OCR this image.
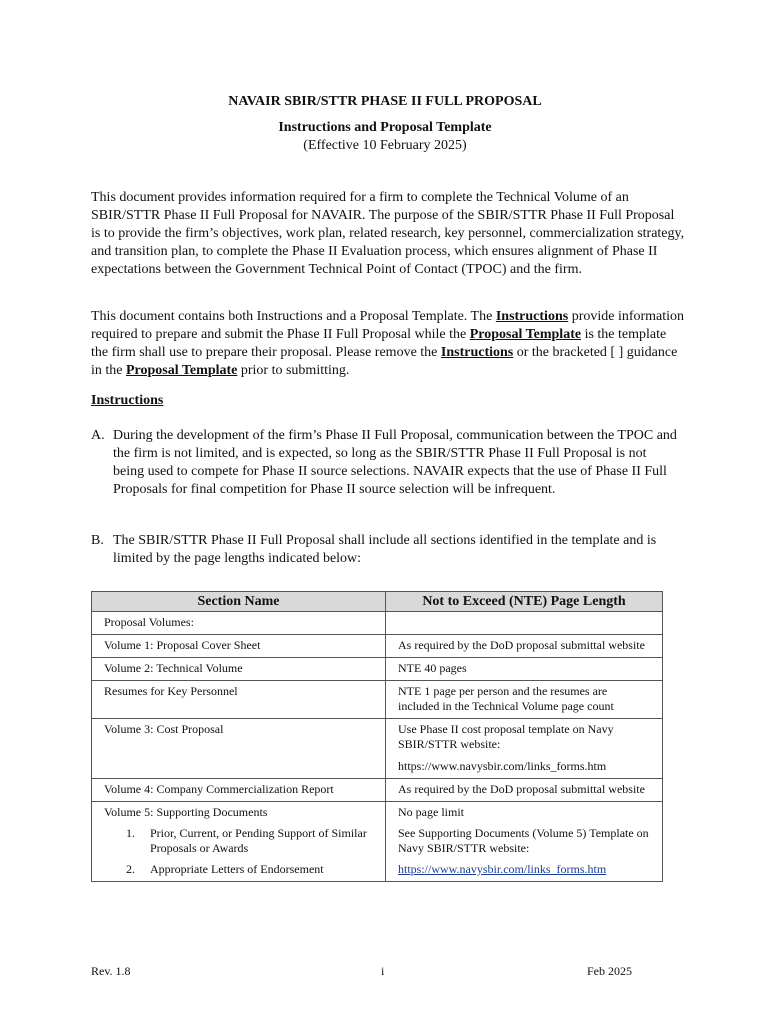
NAVAIR SBIR/STTR PHASE II FULL PROPOSAL
Instructions and Proposal Template
(Effective 10 February 2025)

This document provides information required for a firm to complete the Technical Volume of an SBIR/STTR Phase II Full Proposal for NAVAIR. The purpose of the SBIR/STTR Phase II Full Proposal is to provide the firm’s objectives, work plan, related research, key personnel, commercialization strategy, and transition plan, to complete the Phase II Evaluation process, which ensures alignment of Phase II expectations between the Government Technical Point of Contact (TPOC) and the firm.

This document contains both Instructions and a Proposal Template. The Instructions provide information required to prepare and submit the Phase II Full Proposal while the Proposal Template is the template the firm shall use to prepare their proposal. Please remove the Instructions or the bracketed [ ] guidance in the Proposal Template prior to submitting.

Instructions
A. During the development of the firm’s Phase II Full Proposal, communication between the TPOC and the firm is not limited, and is expected, so long as the SBIR/STTR Phase II Full Proposal is not being used to compete for Phase II source selections. NAVAIR expects that the use of Phase II Full Proposals for final competition for Phase II source selection will be infrequent.
B. The SBIR/STTR Phase II Full Proposal shall include all sections identified in the template and is limited by the page lengths indicated below:
Section Name	Not to Exceed (NTE) Page Length
Proposal Volumes:	
Volume 1: Proposal Cover Sheet	As required by the DoD proposal submittal website
Volume 2: Technical Volume	NTE 40 pages
Resumes for Key Personnel	NTE 1 page per person and the resumes are included in the Technical Volume page count
Volume 3: Cost Proposal	Use Phase II cost proposal template on Navy SBIR/STTR website:
https://www.navysbir.com/links_forms.htm

Volume 4: Company Commercialization Report	As required by the DoD proposal submittal website
Volume 5: Supporting Documents	No page limit

1. Prior, Current, or Pending Support of Similar Proposals or Awards	See Supporting Documents (Volume 5) Template on Navy SBIR/STTR website:

2. Appropriate Letters of Endorsement	https://www.navysbir.com/links_forms.htm
Rev. 1.8	i	Feb 2025
